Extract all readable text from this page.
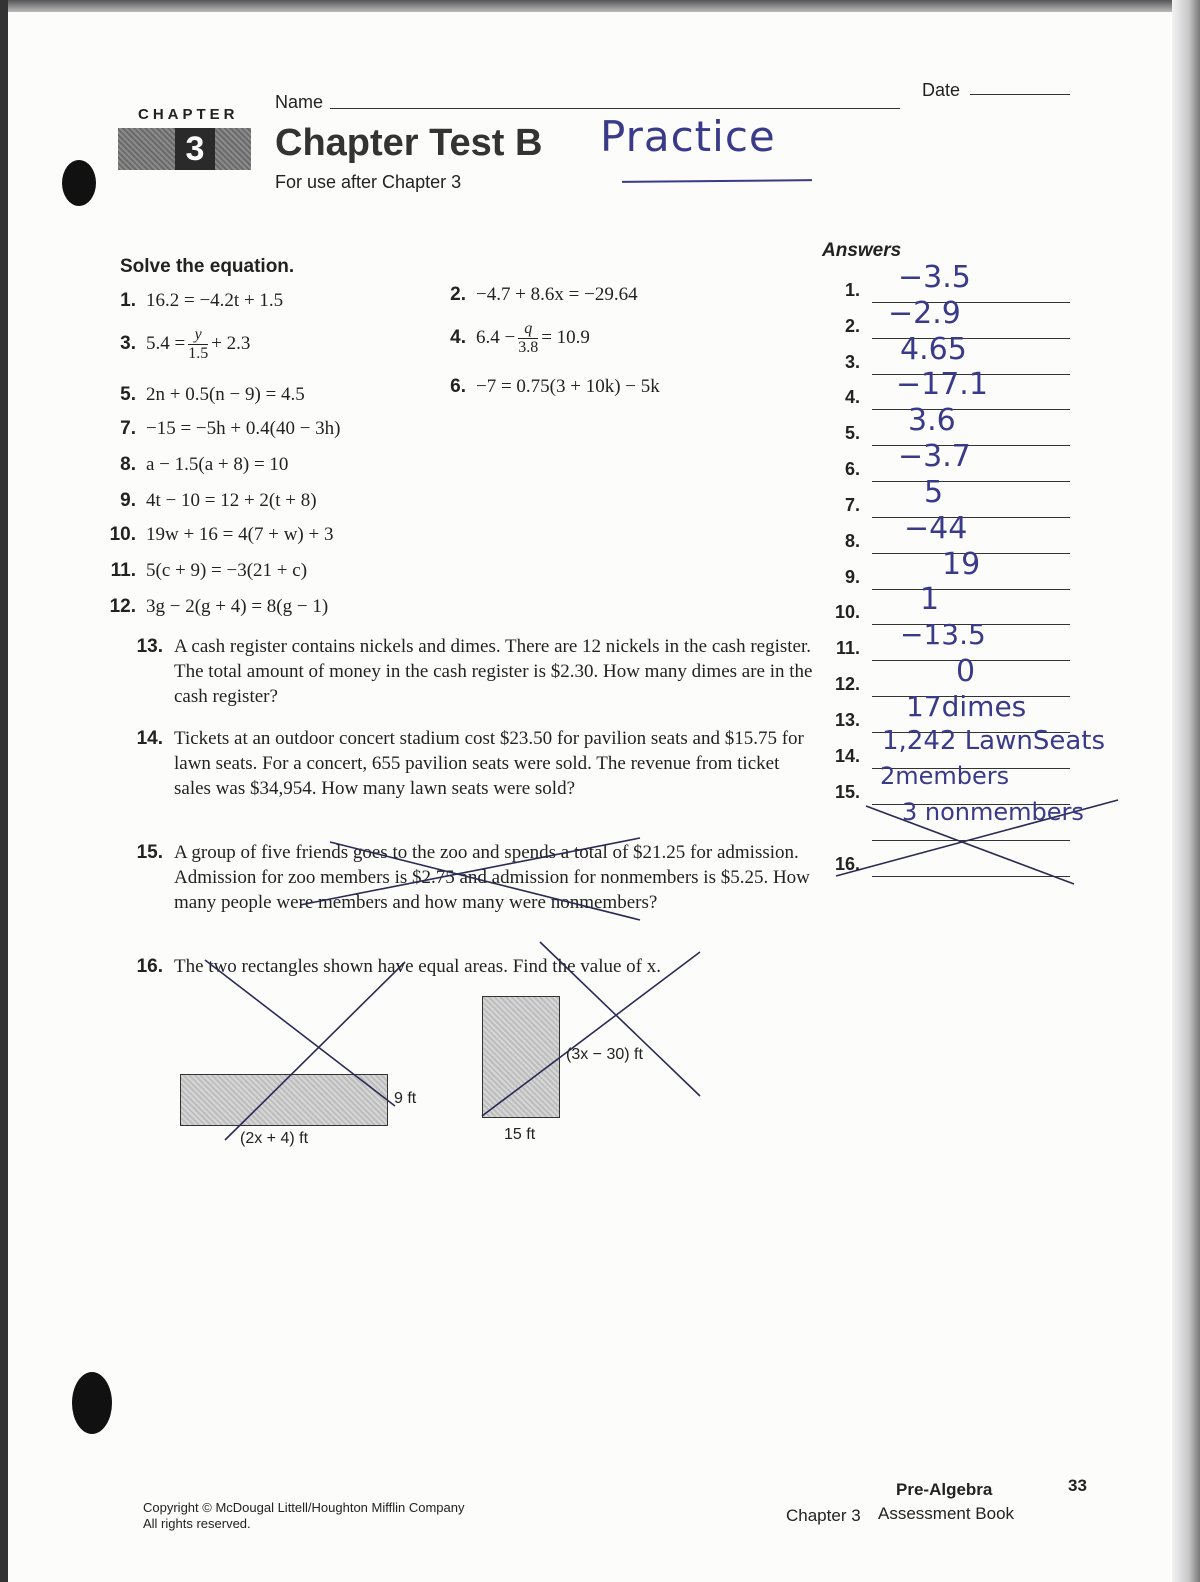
CHAPTER
3
Name
Date
Chapter Test B Practice
For use after Chapter 3
Solve the equation.
1. 16.2 = −4.2t + 1.5	2. −4.7 + 8.6x = −29.64
3. $5.4 = \frac{y}{1.5} + 2.3$	4. $6.4 - \frac{q}{3.8} = 10.9$
5. 2n + 0.5(n − 9) = 4.5	6. −7 = 0.75(3 + 10k) − 5k
7. −15 = −5h + 0.4(40 − 3h)
8. a − 1.5(a + 8) = 10
9. 4t − 10 = 12 + 2(t + 8)
10. 19w + 16 = 4(7 + w) + 3
11. 5(c + 9) = −3(21 + c)
12. 3g − 2(g + 4) = 8(g − 1)
13. A cash register contains nickels and dimes. There are 12 nickels in the cash register. The total amount of money in the cash register is $2.30. How many dimes are in the cash register?
14. Tickets at an outdoor concert stadium cost $23.50 for pavilion seats and $15.75 for lawn seats. For a concert, 655 pavilion seats were sold. The revenue from ticket sales was $34,954. How many lawn seats were sold?
15. A group of five friends goes to the zoo and spends a total of $21.25 for admission. Admission for zoo members is $2.75 and admission for nonmembers is $5.25. How many people were members and how many were nonmembers?
16. The two rectangles shown have equal areas. Find the value of x.
9 ft
(2x + 4) ft
(3x − 30) ft
15 ft
Answers
Copyright © McDougal Littell/Houghton Mifflin Company
All rights reserved.
Pre-Algebra	33
Chapter 3 Assessment Book
1. −3.5
2. −2.9
3. 4.65
4. −17.1
5. 3.6
6. −3.7
7. 5
8. −44
9.	19
10. 1
11. −13.5
12.	0
13. 17dimes
14. 1,242 LawnSeats
15.
2members
3 nonmembers
16.
